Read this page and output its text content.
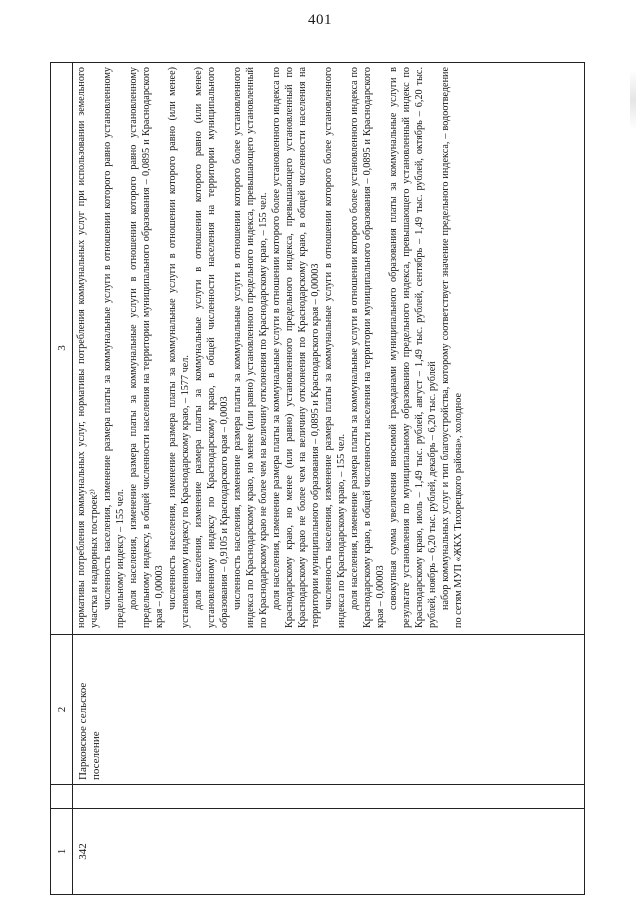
401
1
2
3
342
Парковское сельское поселение

нормативы потребления коммунальных услуг, нормативы потребления коммунальных услуг при использовании земельного участка и надворных построек²⁾ численность населения, изменение размера платы за коммунальные услуги в отношении которого равно установленному предельному индексу – 155 чел. доля населения, изменение размера платы за коммунальные услуги в отношении которого равно установленному предельному индексу, в общей численности населения на территории муниципального образования – 0,0895 и Краснодарского края – 0,00003 численность населения, изменение размера платы за коммунальные услуги в отношении которого равно (или менее) установленному индексу по Краснодарскому краю, – 1577 чел. доля населения, изменение размера платы за коммунальные услуги в отношении которого равно (или менее) установленному индексу по Краснодарскому краю, в общей численности населения на территории муниципального образования – 0,9105 и Краснодарского края – 0,0003 численность населения, изменение размера платы за коммунальные услуги в отношении которого более установленного индекса по Краснодарскому краю, но менее (или равно) установленного предельного индекса, превышающего установленный по Краснодарскому краю не более чем на величину отклонения по Краснодарскому краю, – 155 чел. доля населения, изменение размера платы за коммунальные услуги в отношении которого более установленного индекса по Краснодарскому краю, но менее (или равно) установленного предельного индекса, превышающего установленный по Краснодарскому краю не более чем на величину отклонения по Краснодарскому краю, в общей численности населения на территории муниципального образования – 0,0895 и Краснодарского края – 0,00003 численность населения, изменение размера платы за коммунальные услуги в отношении которого более установленного индекса по Краснодарскому краю, – 155 чел. доля населения, изменение размера платы за коммунальные услуги в отношении которого более установленного индекса по Краснодарскому краю, в общей численности населения на территории муниципального образования – 0,0895 и Краснодарского края – 0,00003 совокупная сумма увеличения вносимой гражданами муниципального образования платы за коммунальные услуги в результате установления по муниципальному образованию предельного индекса, превышающего установленный индекс по Краснодарскому краю, июль – 1,49 тыс. рублей, август – 1,49 тыс. рублей, сентябрь – 1,49 тыс. рублей, октябрь – 6,20 тыс. рублей, ноябрь – 6,20 тыс. рублей, декабрь – 6,20 тыс. рублей набор коммунальных услуг и тип благоустройства, которому соответствует значение предельного индекса, – водоотведение по сетям МУП «ЖКХ Тихорецкого района», холодное
